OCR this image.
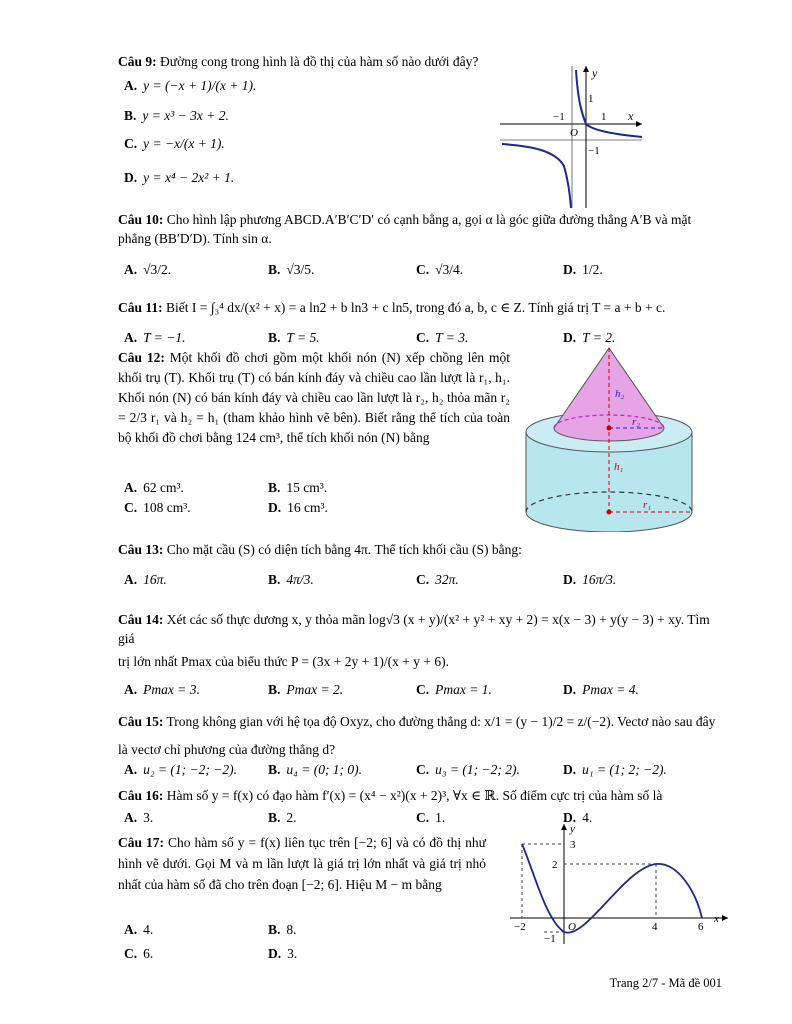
Câu 9: Đường cong trong hình là đồ thị của hàm số nào dưới đây?
A. y = (−x + 1)/(x + 1).
B. y = x³ − 3x + 2.
C. y = −x/(x + 1).
D. y = x⁴ − 2x² + 1.
y
1
−1	1 x
O
−1
Câu 10: Cho hình lập phương ABCD.A′B′C′D′ có cạnh bằng a, gọi α là góc giữa đường thẳng A′B và mặt phẳng (BB′D′D). Tính sin α.
A. √3/2.	B. √3/5.	C. √3/4.	D. 1/2.
Câu 11: Biết I = ∫₃⁴ dx/(x² + x) = a ln2 + b ln3 + c ln5, trong đó a, b, c ∈ Z. Tính giá trị T = a + b + c.
A. T = −1.	B. T = 5.	C. T = 3.	D. T = 2.
Câu 12: Một khối đồ chơi gồm một khối nón (N) xếp chồng lên một khối trụ (T). Khối trụ (T) có bán kính đáy và chiều cao lần lượt là r₁, h₁. Khối nón (N) có bán kính đáy và chiều cao lần lượt là r₂, h₂ thỏa mãn r₂ = 2/3 r₁ và h₂ = h₁ (tham khảo hình vẽ bên). Biết rằng thể tích của toàn bộ khối đồ chơi bằng 124 cm³, thể tích khối nón (N) bằng
A. 62 cm³.	B. 15 cm³.
C. 108 cm³.	D. 16 cm³.
h₂
r₂
h₁
r₁
Câu 13: Cho mặt cầu (S) có diện tích bằng 4π. Thể tích khối cầu (S) bằng:
A. 16π.	B. 4π/3.	C. 32π.	D. 16π/3.
Câu 14: Xét các số thực dương x, y thỏa mãn log√3 (x + y)/(x² + y² + xy + 2) = x(x − 3) + y(y − 3) + xy. Tìm giá
trị lớn nhất Pmax của biểu thức P = (3x + 2y + 1)/(x + y + 6).
A. Pmax = 3.	B. Pmax = 2.	C. Pmax = 1.	D. Pmax = 4.
Câu 15: Trong không gian với hệ tọa độ Oxyz, cho đường thẳng d: x/1 = (y − 1)/2 = z/(−2). Vectơ nào sau đây
là vectơ chỉ phương của đường thẳng d?
A. u₂ = (1; −2; −2). B. u₄ = (0; 1; 0).	C. u₃ = (1; −2; 2).	D. u₁ = (1; 2; −2).
Câu 16: Hàm số y = f(x) có đạo hàm f′(x) = (x⁴ − x²)(x + 2)³, ∀x ∈ ℝ. Số điểm cực trị của hàm số là
A. 3.	B. 2.	C. 1.	D. 4.
Câu 17: Cho hàm số y = f(x) liên tục trên [−2; 6] và có đồ thị như hình vẽ dưới. Gọi M và m lần lượt là giá trị lớn nhất và giá trị nhỏ nhất của hàm số đã cho trên đoạn [−2; 6]. Hiệu M − m bằng
A. 4.	B. 8.
C. 6.	D. 3.
y
3
2
−2	O	4	6
x
−1
Trang 2/7 - Mã đề 001
